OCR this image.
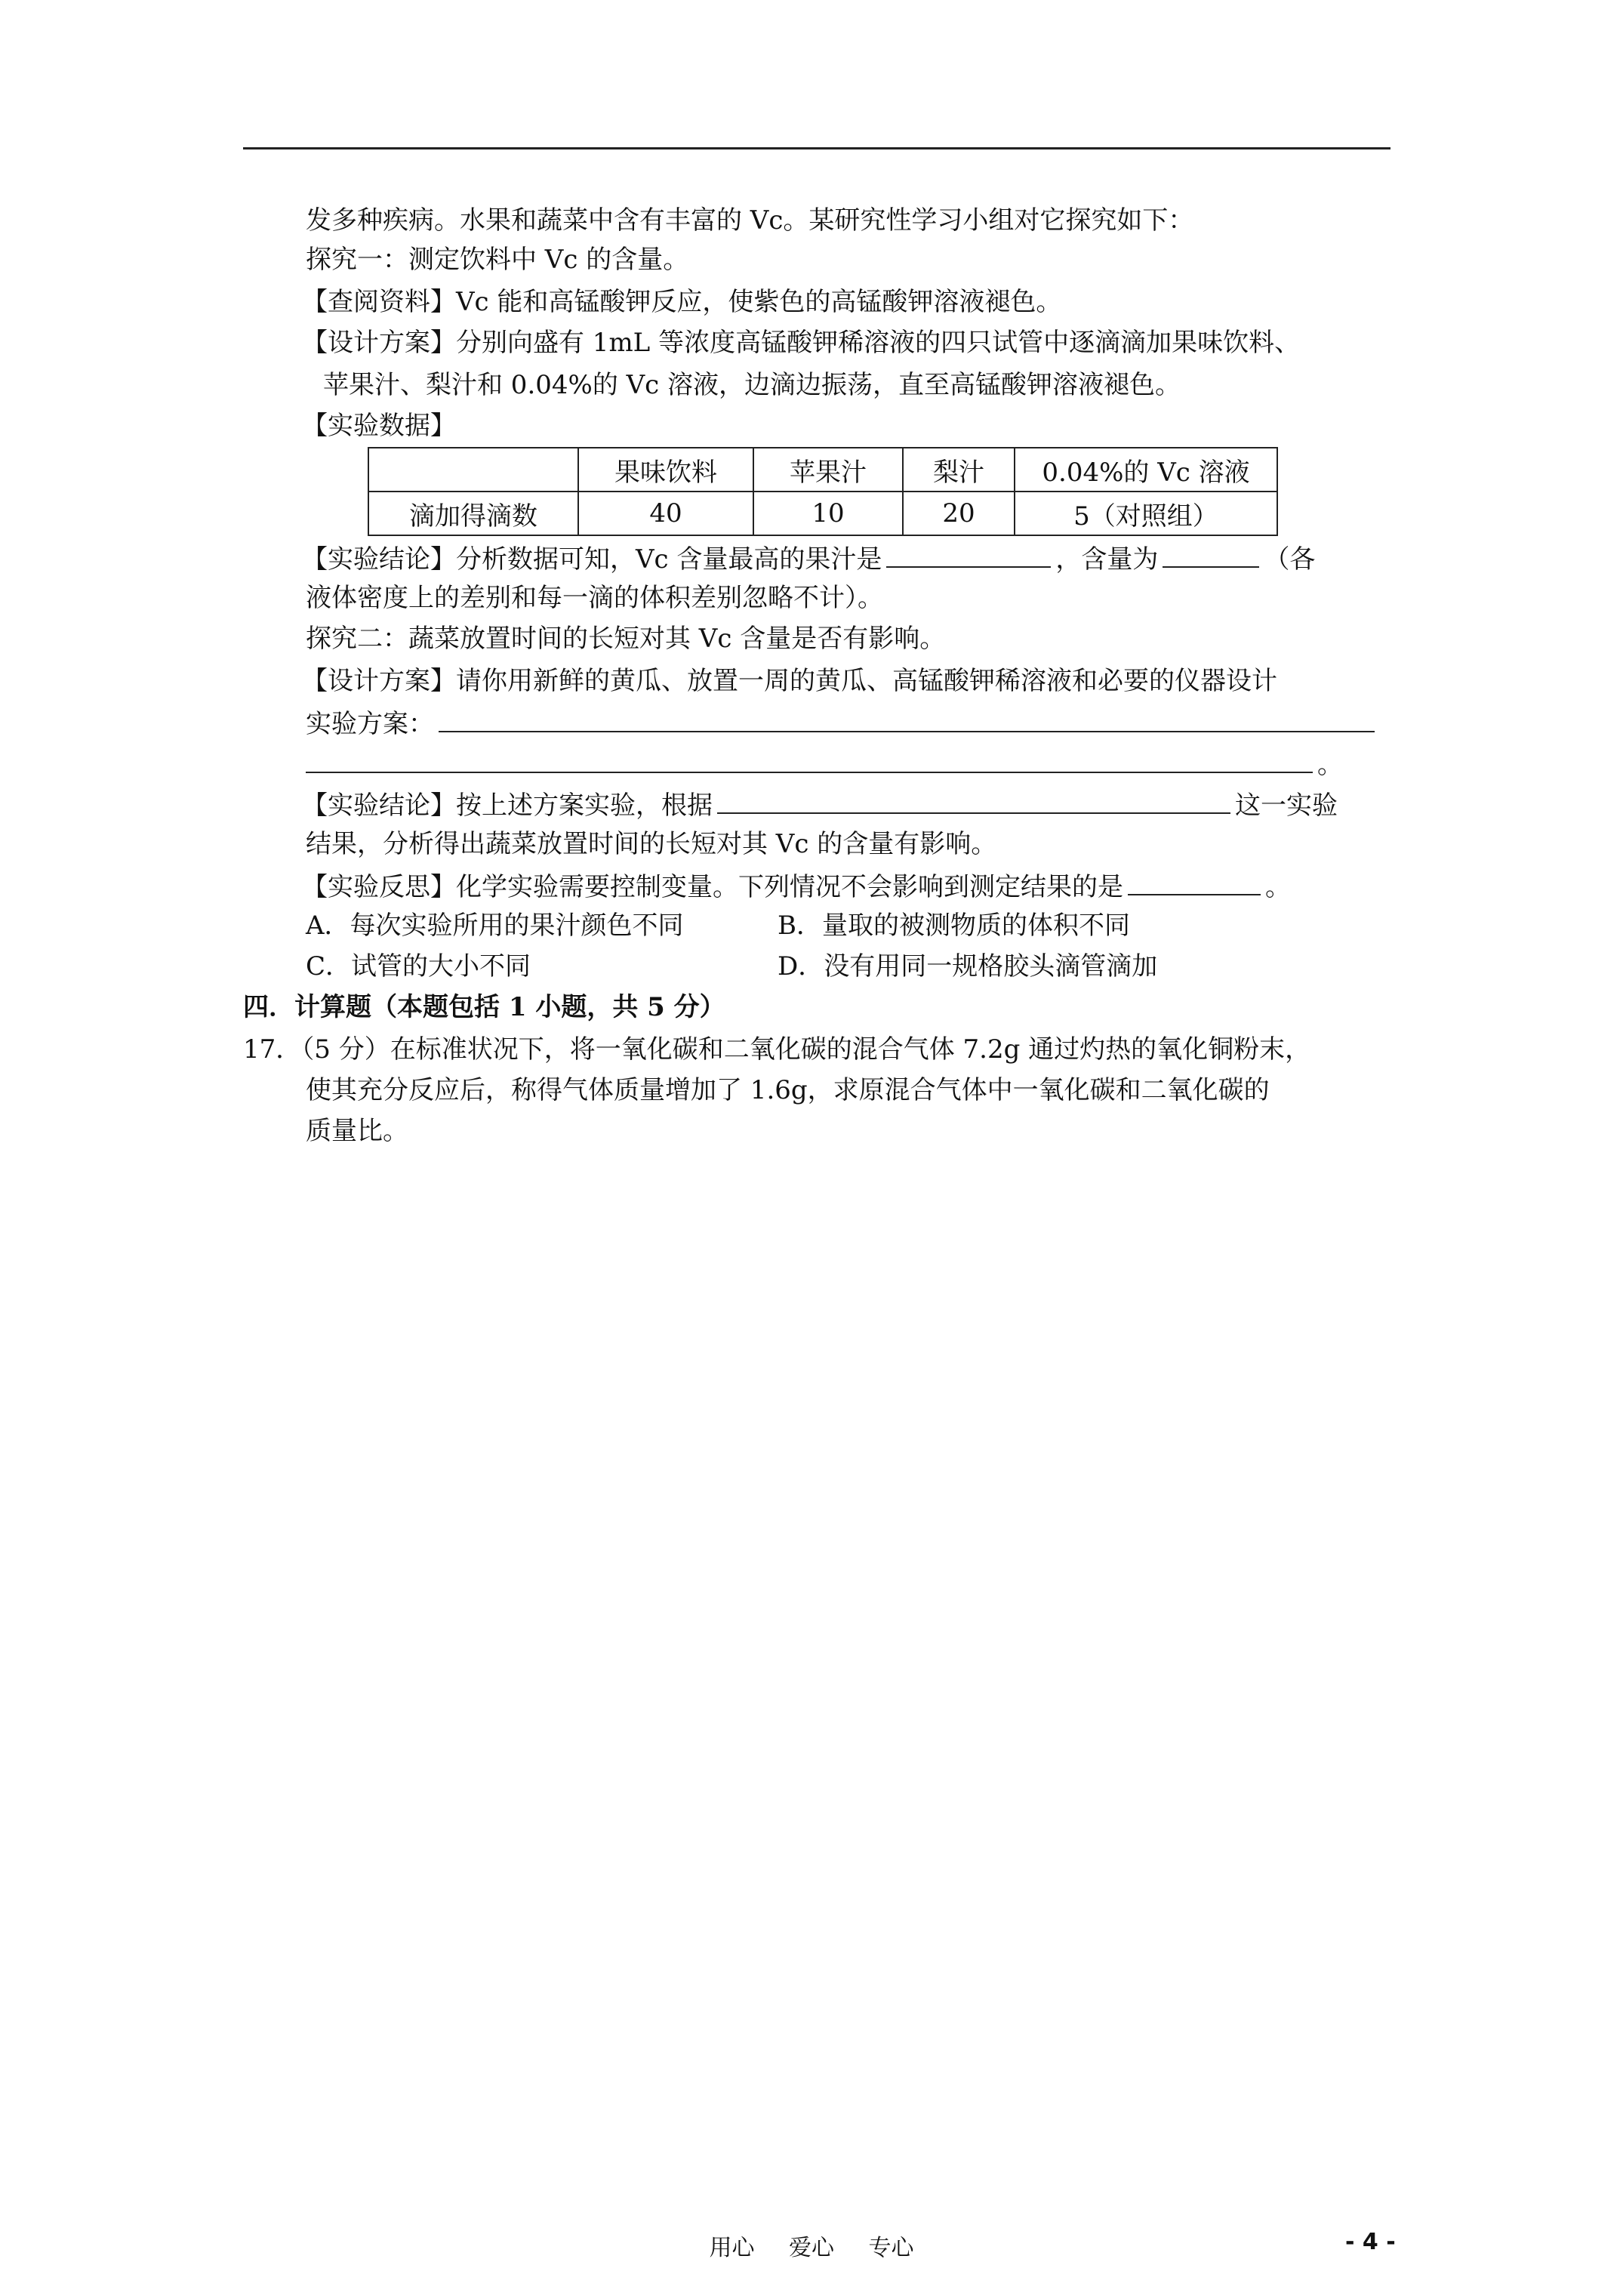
发多种疾病。水果和蔬菜中含有丰富的 Vc。某研究性学习小组对它探究如下：
探究一：测定饮料中 Vc 的含量。
【查阅资料】Vc 能和高锰酸钾反应，使紫色的高锰酸钾溶液褪色。
【设计方案】分别向盛有 1mL 等浓度高锰酸钾稀溶液的四只试管中逐滴滴加果味饮料、
苹果汁、梨汁和 0.04%的 Vc 溶液，边滴边振荡，直至高锰酸钾溶液褪色。
【实验数据】
	果味饮料	苹果汁	梨汁	0.04%的 Vc 溶液
滴加得滴数	40	10	20	5（对照组）
【实验结论】分析数据可知，Vc 含量最高的果汁是	，含量为	（各
液体密度上的差别和每一滴的体积差别忽略不计）。
探究二：蔬菜放置时间的长短对其 Vc 含量是否有影响。
【设计方案】请你用新鲜的黄瓜、放置一周的黄瓜、高锰酸钾稀溶液和必要的仪器设计
实验方案：
。
【实验结论】按上述方案实验，根据	这一实验
结果，分析得出蔬菜放置时间的长短对其 Vc 的含量有影响。
【实验反思】化学实验需要控制变量。下列情况不会影响到测定结果的是	。
A．每次实验所用的果汁颜色不同	B．量取的被测物质的体积不同
C．试管的大小不同	D．没有用同一规格胶头滴管滴加
四．计算题（本题包括 1 小题，共 5 分）
17．（5 分）在标准状况下，将一氧化碳和二氧化碳的混合气体 7.2g 通过灼热的氧化铜粉末，
使其充分反应后，称得气体质量增加了 1.6g，求原混合气体中一氧化碳和二氧化碳的
质量比。
用心 爱心 专心	- 4 -
